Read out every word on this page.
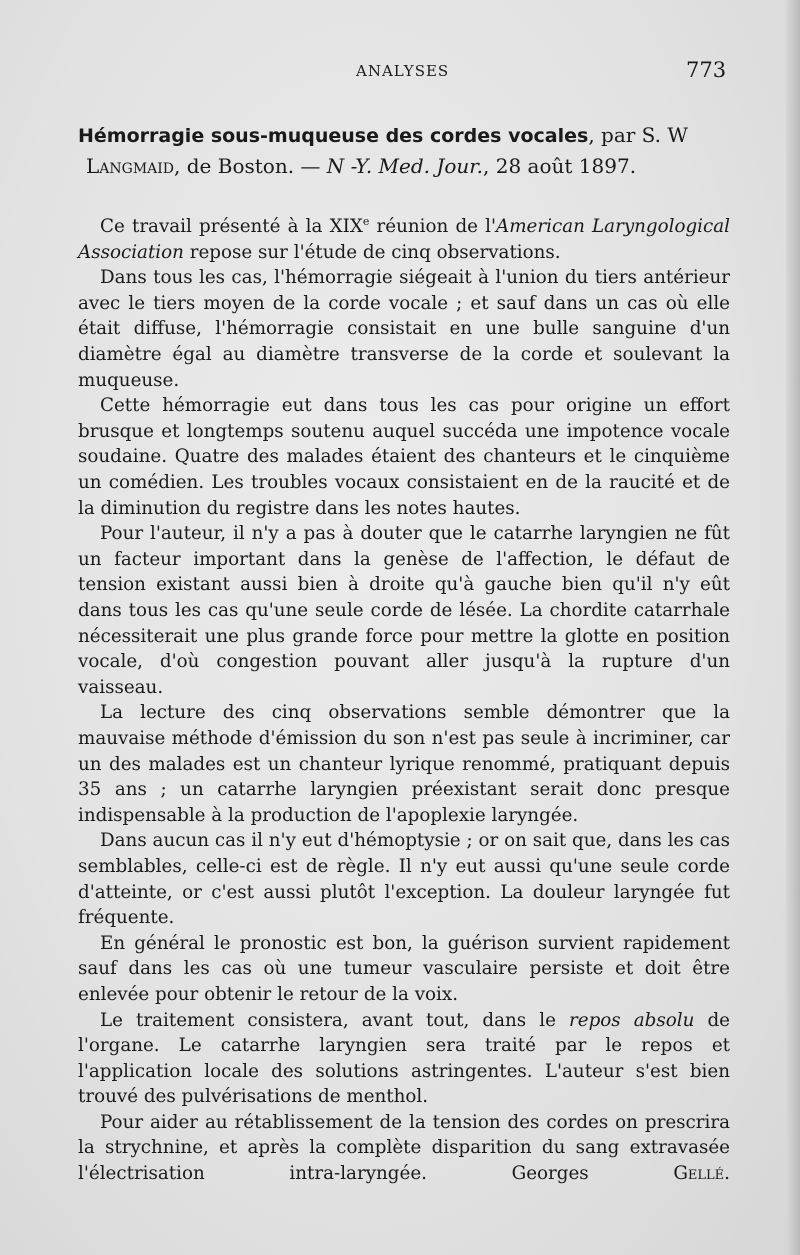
ANALYSES	773
Hémorragie sous-muqueuse des cordes vocales, par S. W
Langmaid, de Boston. — N -Y. Med. Jour., 28 août 1897.

Ce travail présenté à la XIXe réunion de l'American Laryngological Association repose sur l'étude de cinq observations.

Dans tous les cas, l'hémorragie siégeait à l'union du tiers antérieur avec le tiers moyen de la corde vocale ; et sauf dans un cas où elle était diffuse, l'hémorragie consistait en une bulle sanguine d'un diamètre égal au diamètre transverse de la corde et soulevant la muqueuse.

Cette hémorragie eut dans tous les cas pour origine un effort brusque et longtemps soutenu auquel succéda une impotence vocale soudaine. Quatre des malades étaient des chanteurs et le cinquième un comédien. Les troubles vocaux consistaient en de la raucité et de la diminution du registre dans les notes hautes.

Pour l'auteur, il n'y a pas à douter que le catarrhe laryngien ne fût un facteur important dans la genèse de l'affection, le défaut de tension existant aussi bien à droite qu'à gauche bien qu'il n'y eût dans tous les cas qu'une seule corde de lésée. La chordite catarrhale nécessiterait une plus grande force pour mettre la glotte en position vocale, d'où congestion pouvant aller jusqu'à la rupture d'un vaisseau.

La lecture des cinq observations semble démontrer que la mauvaise méthode d'émission du son n'est pas seule à incriminer, car un des malades est un chanteur lyrique renommé, pratiquant depuis 35 ans ; un catarrhe laryngien préexistant serait donc presque indispensable à la production de l'apoplexie laryngée.

Dans aucun cas il n'y eut d'hémoptysie ; or on sait que, dans les cas semblables, celle-ci est de règle. Il n'y eut aussi qu'une seule corde d'atteinte, or c'est aussi plutôt l'exception. La douleur laryngée fut fréquente.

En général le pronostic est bon, la guérison survient rapidement sauf dans les cas où une tumeur vasculaire persiste et doit être enlevée pour obtenir le retour de la voix.

Le traitement consistera, avant tout, dans le repos absolu de l'organe. Le catarrhe laryngien sera traité par le repos et l'application locale des solutions astringentes. L'auteur s'est bien trouvé des pulvérisations de menthol.

Pour aider au rétablissement de la tension des cordes on prescrira la strychnine, et après la complète disparition du sang extravasée l'électrisation intra-laryngée.	Georges Gellé.
